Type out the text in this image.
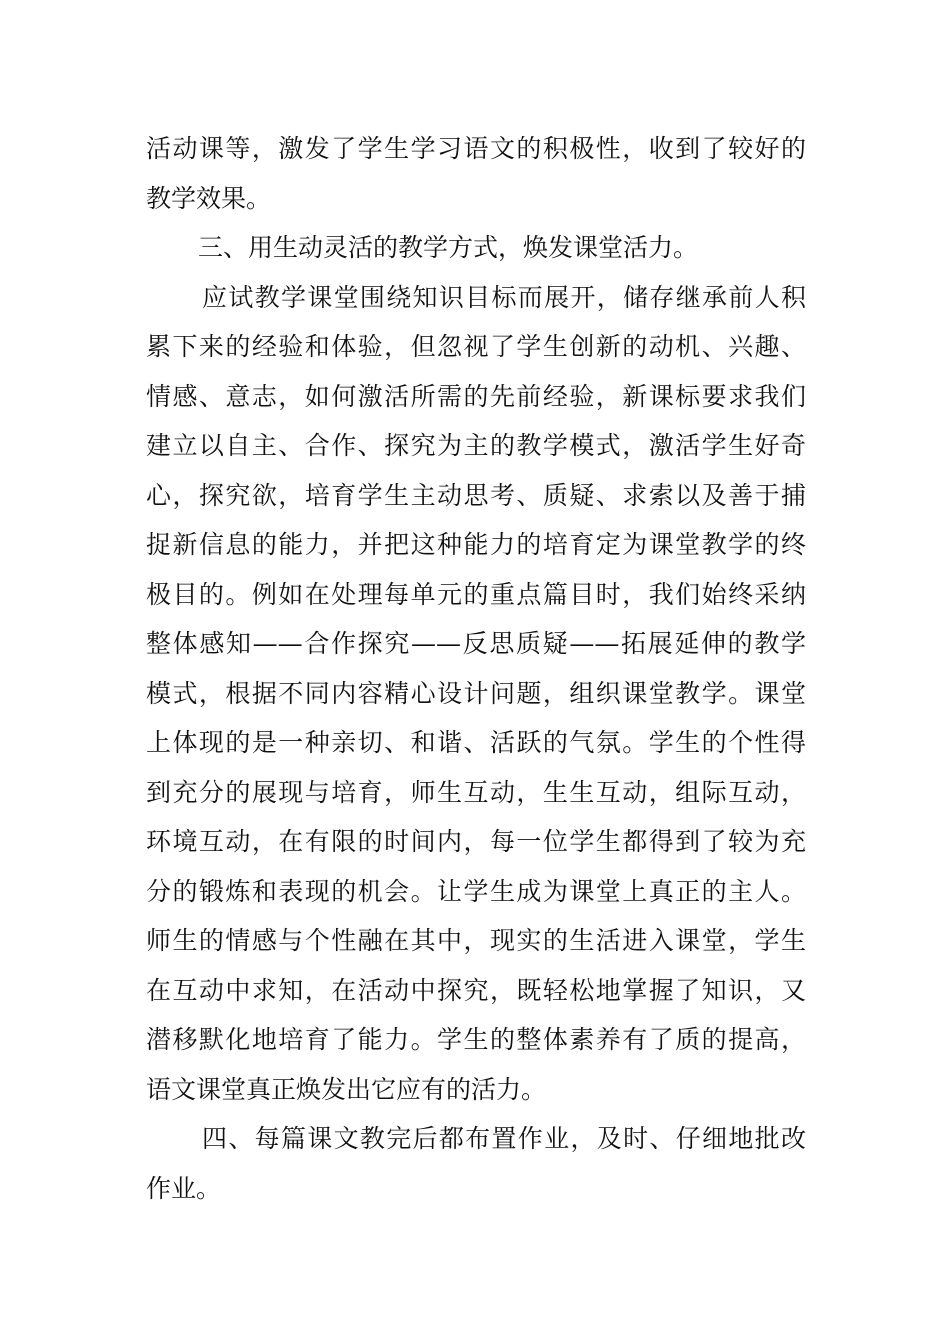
活动课等，激发了学生学习语文的积极性，收到了较好的
教学效果。
三、用生动灵活的教学方式，焕发课堂活力。
应试教学课堂围绕知识目标而展开，储存继承前人积
累下来的经验和体验，但忽视了学生创新的动机、兴趣、
情感、意志，如何激活所需的先前经验，新课标要求我们
建立以自主、合作、探究为主的教学模式，激活学生好奇
心，探究欲，培育学生主动思考、质疑、求索以及善于捕
捉新信息的能力，并把这种能力的培育定为课堂教学的终
极目的。例如在处理每单元的重点篇目时，我们始终采纳
整体感知——合作探究——反思质疑——拓展延伸的教学
模式，根据不同内容精心设计问题，组织课堂教学。课堂
上体现的是一种亲切、和谐、活跃的气氛。学生的个性得
到充分的展现与培育，师生互动，生生互动，组际互动，
环境互动，在有限的时间内，每一位学生都得到了较为充
分的锻炼和表现的机会。让学生成为课堂上真正的主人。
师生的情感与个性融在其中，现实的生活进入课堂，学生
在互动中求知，在活动中探究，既轻松地掌握了知识，又
潜移默化地培育了能力。学生的整体素养有了质的提高，
语文课堂真正焕发出它应有的活力。
四、每篇课文教完后都布置作业，及时、仔细地批改
作业。
